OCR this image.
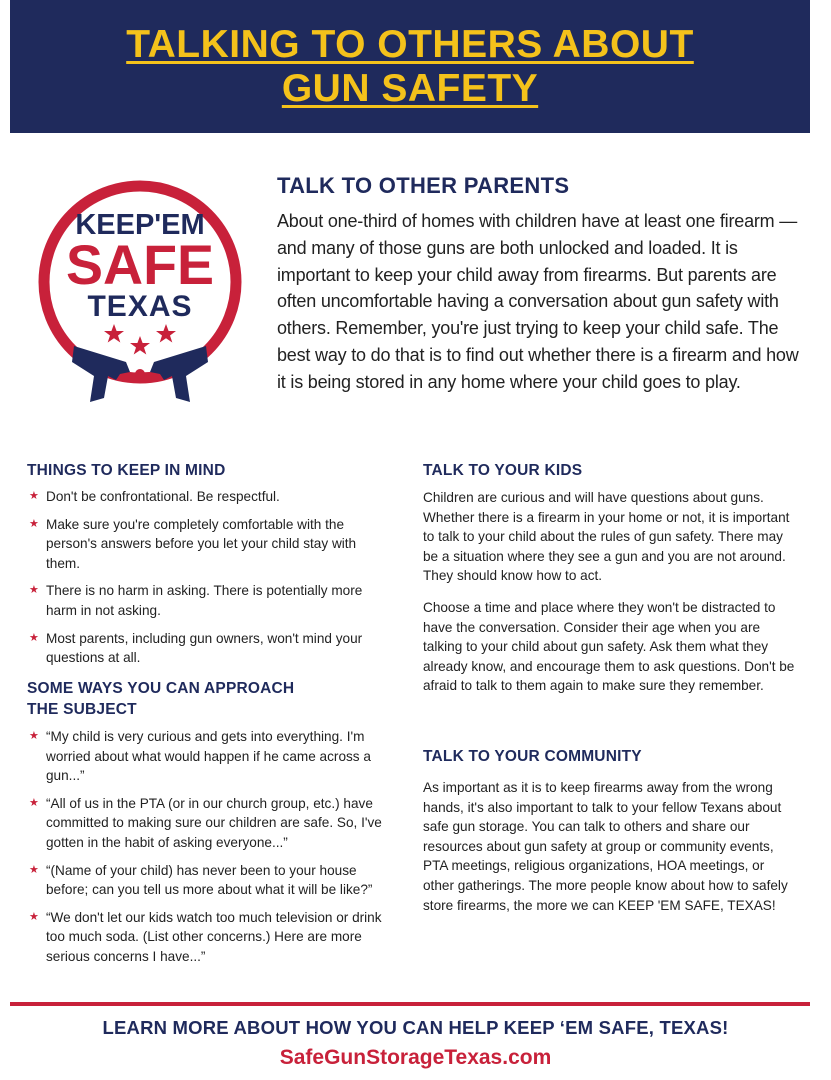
TALKING TO OTHERS ABOUT
GUN SAFETY
KEEP'EM
SAFE
TEXAS
TALK TO OTHER PARENTS

About one-third of homes with children have at least one firearm — and many of those guns are both unlocked and loaded. It is important to keep your child away from firearms. But parents are often uncomfortable having a conversation about gun safety with others. Remember, you're just trying to keep your child safe. The best way to do that is to find out whether there is a firearm and how it is being stored in any home where your child goes to play.

THINGS TO KEEP IN MIND
★ Don't be confrontational. Be respectful.
★ Make sure you're completely comfortable with the person's answers before you let your child stay with them.
★ There is no harm in asking. There is potentially more harm in not asking.
★ Most parents, including gun owners, won't mind your questions at all.
SOME WAYS YOU CAN APPROACH
THE SUBJECT
★ “My child is very curious and gets into everything. I'm worried about what would happen if he came across a gun...”
★ “All of us in the PTA (or in our church group, etc.) have committed to making sure our children are safe. So, I've gotten in the habit of asking everyone...”
★ “(Name of your child) has never been to your house before; can you tell us more about what it will be like?”
★ “We don't let our kids watch too much television or drink too much soda. (List other concerns.) Here are more serious concerns I have...”
TALK TO YOUR KIDS

Children are curious and will have questions about guns. Whether there is a firearm in your home or not, it is important to talk to your child about the rules of gun safety. There may be a situation where they see a gun and you are not around. They should know how to act.

Choose a time and place where they won't be distracted to have the conversation. Consider their age when you are talking to your child about gun safety. Ask them what they already know, and encourage them to ask questions. Don't be afraid to talk to them again to make sure they remember.

TALK TO YOUR COMMUNITY

As important as it is to keep firearms away from the wrong hands, it's also important to talk to your fellow Texans about safe gun storage. You can talk to others and share our resources about gun safety at group or community events, PTA meetings, religious organizations, HOA meetings, or other gatherings. The more people know about how to safely store firearms, the more we can KEEP 'EM SAFE, TEXAS!

LEARN MORE ABOUT HOW YOU CAN HELP KEEP ‘EM SAFE, TEXAS!
SafeGunStorageTexas.com
